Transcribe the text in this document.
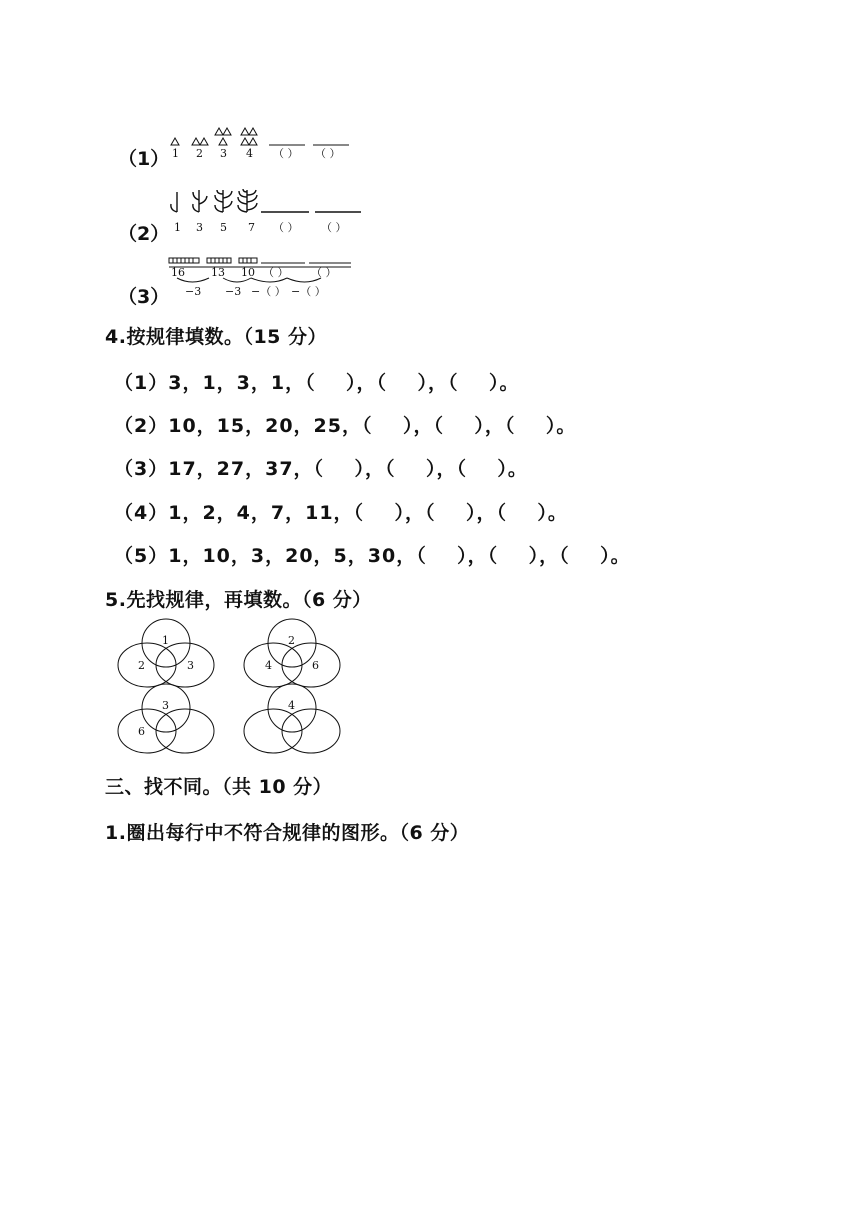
（1） 1 2 3 4 （ ） （ ）
（2） 1 3 5 7 （ ） （ ）
（3）
16 13 10 （ ） （ ）
−3 −3 −（ ） −（ ）
4.按规律填数。（15 分）
（1）3，1，3，1，（    ），（    ），（    ）。
（2）10，15，20，25，（    ），（    ），（    ）。
（3）17，27，37，（    ），（    ），（    ）。
（4）1，2，4，7，11，（    ），（    ），（    ）。
（5）1，10，3，20，5，30，（    ），（    ），（    ）。
5.先找规律，再填数。（6 分）
1
2	3
2
4	6
3
6
4
三、找不同。（共 10 分）
1.圈出每行中不符合规律的图形。（6 分）
